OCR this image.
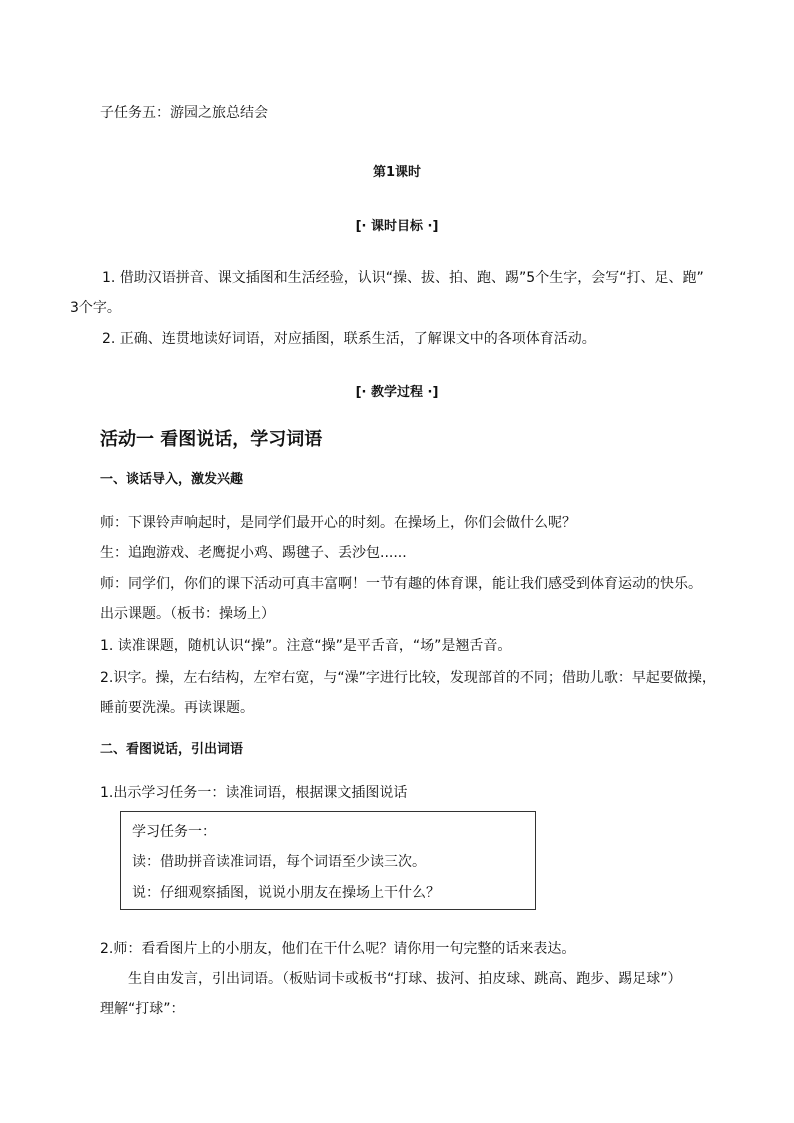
子任务五：游园之旅总结会
第1课时
[· 课时目标 ·]
1. 借助汉语拼音、课文插图和生活经验，认识“操、拔、拍、跑、踢”5个生字，会写“打、足、跑”
3个字。
2. 正确、连贯地读好词语，对应插图，联系生活，了解课文中的各项体育活动。
[· 教学过程 ·]
活动一 看图说话，学习词语
一、谈话导入，激发兴趣
师：下课铃声响起时，是同学们最开心的时刻。在操场上，你们会做什么呢？
生：追跑游戏、老鹰捉小鸡、踢毽子、丢沙包......
师：同学们，你们的课下活动可真丰富啊！一节有趣的体育课，能让我们感受到体育运动的快乐。
出示课题。（板书：操场上）
1. 读准课题，随机认识“操”。注意“操”是平舌音，“场”是翘舌音。
2.识字。操，左右结构，左窄右宽，与“澡”字进行比较，发现部首的不同；借助儿歌：早起要做操，
睡前要洗澡。再读课题。
二、看图说话，引出词语
1.出示学习任务一：读准词语，根据课文插图说话
学习任务一：
读：借助拼音读准词语，每个词语至少读三次。
说：仔细观察插图，说说小朋友在操场上干什么？
2.师：看看图片上的小朋友，他们在干什么呢？请你用一句完整的话来表达。
生自由发言，引出词语。（板贴词卡或板书“打球、拔河、拍皮球、跳高、跑步、踢足球”）
理解“打球”：
